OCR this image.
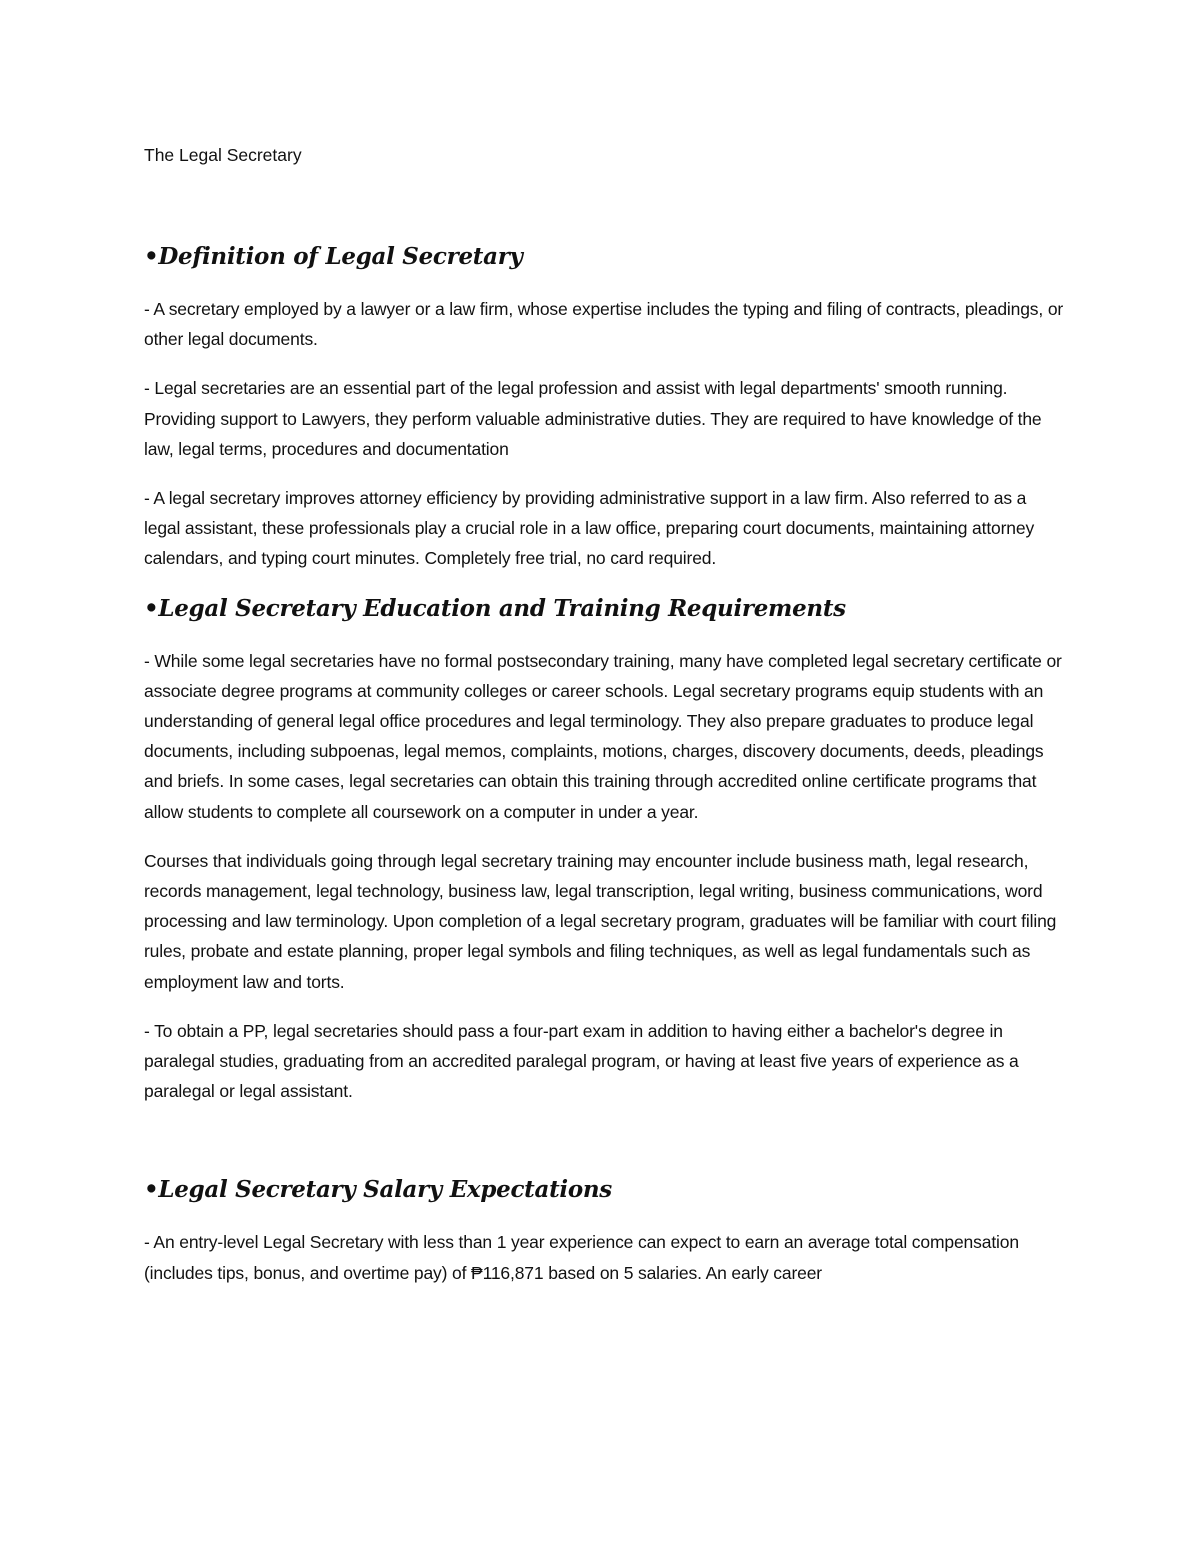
The Legal Secretary

•Definition of Legal Secretary

- A secretary employed by a lawyer or a law firm, whose expertise includes the typing and filing of contracts, pleadings, or other legal documents.

- Legal secretaries are an essential part of the legal profession and assist with legal departments' smooth running. Providing support to Lawyers, they perform valuable administrative duties. They are required to have knowledge of the law, legal terms, procedures and documentation

- A legal secretary improves attorney efficiency by providing administrative support in a law firm. Also referred to as a legal assistant, these professionals play a crucial role in a law office, preparing court documents, maintaining attorney calendars, and typing court minutes. Completely free trial, no card required.

•Legal Secretary Education and Training Requirements

- While some legal secretaries have no formal postsecondary training, many have completed legal secretary certificate or associate degree programs at community colleges or career schools. Legal secretary programs equip students with an understanding of general legal office procedures and legal terminology. They also prepare graduates to produce legal documents, including subpoenas, legal memos, complaints, motions, charges, discovery documents, deeds, pleadings and briefs. In some cases, legal secretaries can obtain this training through accredited online certificate programs that allow students to complete all coursework on a computer in under a year.

Courses that individuals going through legal secretary training may encounter include business math, legal research, records management, legal technology, business law, legal transcription, legal writing, business communications, word processing and law terminology. Upon completion of a legal secretary program, graduates will be familiar with court filing rules, probate and estate planning, proper legal symbols and filing techniques, as well as legal fundamentals such as employment law and torts.

- To obtain a PP, legal secretaries should pass a four-part exam in addition to having either a bachelor's degree in paralegal studies, graduating from an accredited paralegal program, or having at least five years of experience as a paralegal or legal assistant.

•Legal Secretary Salary Expectations

- An entry-level Legal Secretary with less than 1 year experience can expect to earn an average total compensation (includes tips, bonus, and overtime pay) of ₱116,871 based on 5 salaries. An early career
